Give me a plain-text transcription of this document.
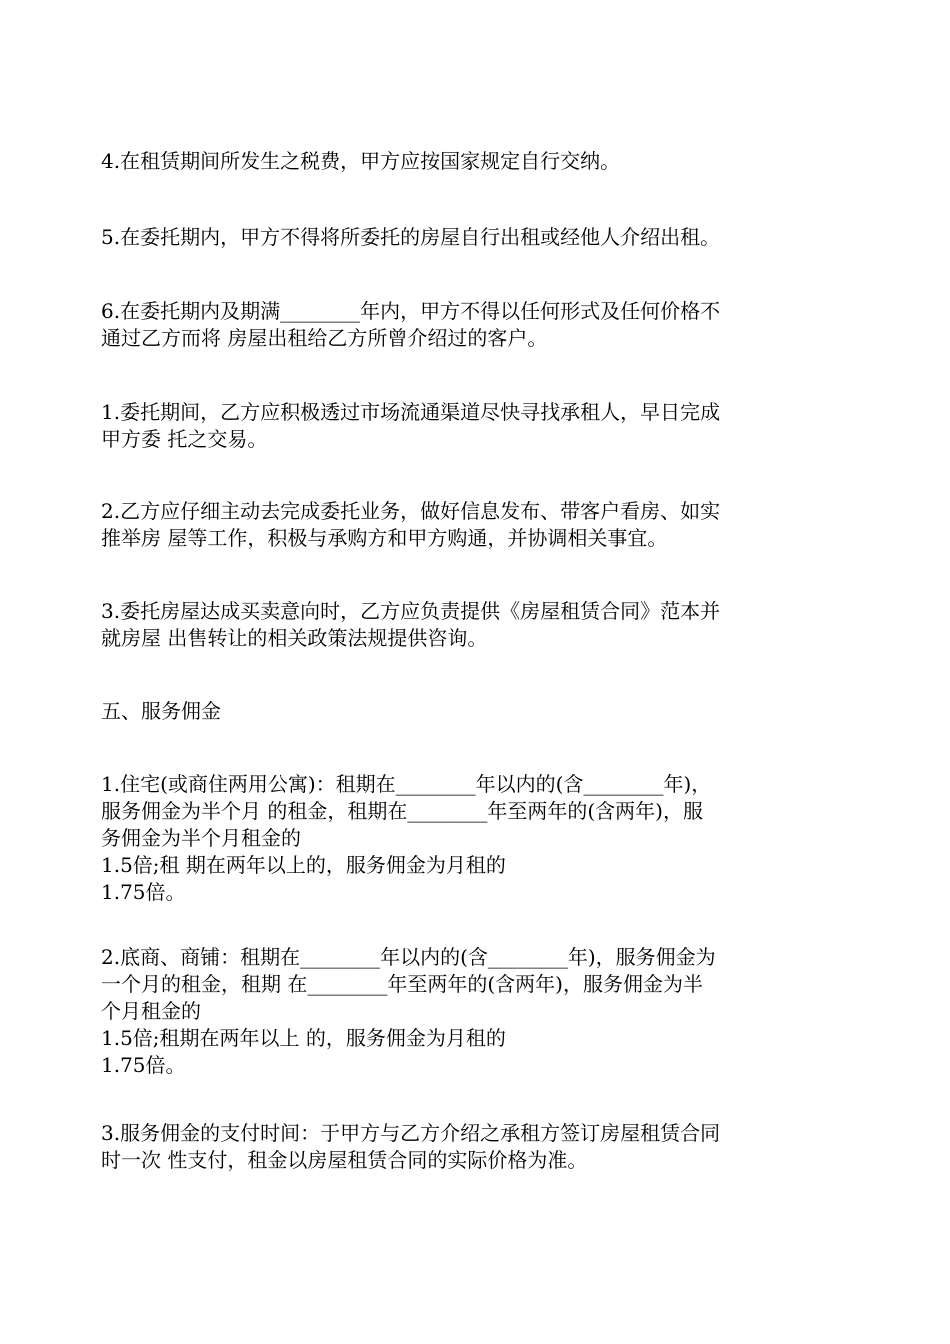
4.在租赁期间所发生之税费，甲方应按国家规定自行交纳。

5.在委托期内，甲方不得将所委托的房屋自行出租或经他人介绍出租。

6.在委托期内及期满________年内，甲方不得以任何形式及任何价格不
通过乙方而将 房屋出租给乙方所曾介绍过的客户。

1.委托期间，乙方应积极透过市场流通渠道尽快寻找承租人，早日完成
甲方委 托之交易。

2.乙方应仔细主动去完成委托业务，做好信息发布、带客户看房、如实
推举房 屋等工作，积极与承购方和甲方购通，并协调相关事宜。

3.委托房屋达成买卖意向时，乙方应负责提供《房屋租赁合同》范本并
就房屋 出售转让的相关政策法规提供咨询。

五、服务佣金

1.住宅(或商住两用公寓)：租期在________年以内的(含________年)，
服务佣金为半个月 的租金，租期在________年至两年的(含两年)，服
务佣金为半个月租金的
1.5倍;租 期在两年以上的，服务佣金为月租的
1.75倍。

2.底商、商铺：租期在________年以内的(含________年)，服务佣金为
一个月的租金，租期 在________年至两年的(含两年)，服务佣金为半
个月租金的
1.5倍;租期在两年以上 的，服务佣金为月租的
1.75倍。

3.服务佣金的支付时间：于甲方与乙方介绍之承租方签订房屋租赁合同
时一次 性支付，租金以房屋租赁合同的实际价格为准。
